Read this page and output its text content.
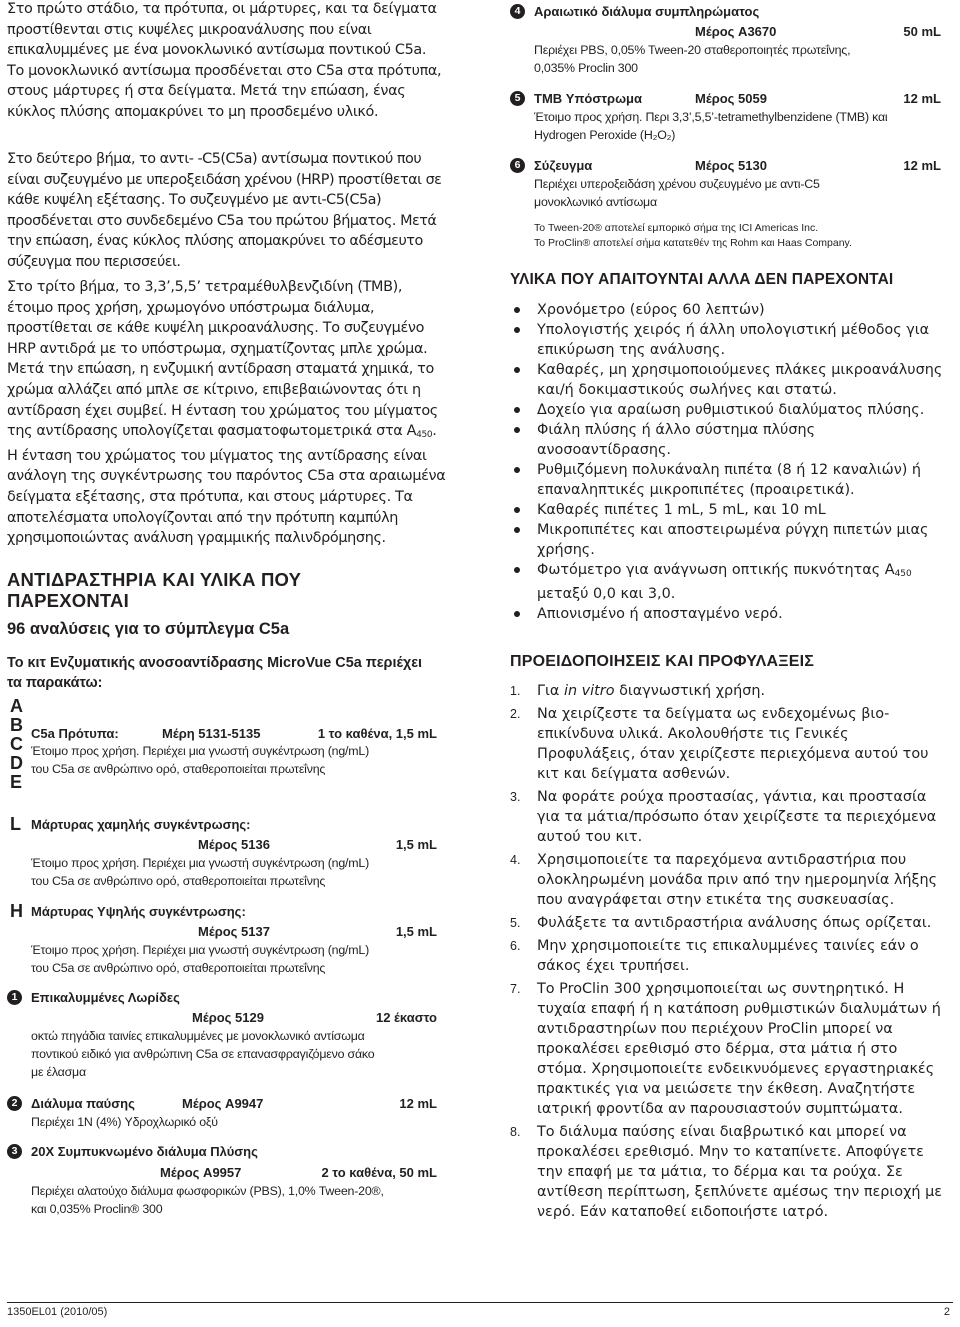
Στο πρώτο στάδιο, τα πρότυπα, οι μάρτυρες, και τα δείγματα προστίθενται στις κυψέλες μικροανάλυσης που είναι επικαλυμμένες με ένα μονοκλωνικό αντίσωμα ποντικού C5a. Το μονοκλωνικό αντίσωμα προσδένεται στο C5a στα πρότυπα, στους μάρτυρες ή στα δείγματα. Μετά την επώαση, ένας κύκλος πλύσης απομακρύνει το μη προσδεμένο υλικό.

Στο δεύτερο βήμα, το αντι- -C5(C5a) αντίσωμα ποντικού που είναι συζευγμένο με υπεροξειδάση χρένου (HRP) προστίθεται σε κάθε κυψέλη εξέτασης. Το συζευγμένο με αντι-C5(C5a) προσδένεται στο συνδεδεμένο C5a του πρώτου βήματος. Μετά την επώαση, ένας κύκλος πλύσης απομακρύνει το αδέσμευτο σύζευγμα που περισσεύει.

Στο τρίτο βήμα, το 3,3’,5,5’ τετραμέθυλβενζιδίνη (TMB), έτοιμο προς χρήση, χρωμογόνο υπόστρωμα διάλυμα, προστίθεται σε κάθε κυψέλη μικροανάλυσης. Το συζευγμένο HRP αντιδρά με το υπόστρωμα, σχηματίζοντας μπλε χρώμα. Μετά την επώαση, η ενζυμική αντίδραση σταματά χημικά, το χρώμα αλλάζει από μπλε σε κίτρινο, επιβεβαιώνοντας ότι η αντίδραση έχει συμβεί. Η ένταση του χρώματος του μίγματος της αντίδρασης υπολογίζεται φασματοφωτομετρικά στα $A_{450}$. Η ένταση του χρώματος του μίγματος της αντίδρασης είναι ανάλογη της συγκέντρωσης του παρόντος C5a στα αραιωμένα δείγματα εξέτασης, στα πρότυπα, και στους μάρτυρες. Τα αποτελέσματα υπολογίζονται από την πρότυπη καμπύλη χρησιμοποιώντας ανάλυση γραμμικής παλινδρόμησης.

ΑΝΤΙΔΡΑΣΤΗΡΙΑ ΚΑΙ ΥΛΙΚΑ ΠΟΥ
ΠΑΡΕΧΟΝΤΑΙ
96 αναλύσεις για το σύμπλεγμα C5a

Το κιτ Ενζυματικής ανοσοαντίδρασης MicroVue C5a περιέχει τα παρακάτω:

A
B
C
D
E
C5a Πρότυπα:	Μέρη 5131-5135	1 το καθένα, 1,5 mL
Έτοιμο προς χρήση. Περιέχει μια γνωστή συγκέντρωση (ng/mL)
του C5a σε ανθρώπινο ορό, σταθεροποιείται πρωτεΐνης
L Μάρτυρας χαμηλής συγκέντρωσης:
Μέρος 5136	1,5 mL
Έτοιμο προς χρήση. Περιέχει μια γνωστή συγκέντρωση (ng/mL)
του C5a σε ανθρώπινο ορό, σταθεροποιείται πρωτεΐνης
H Μάρτυρας Υψηλής συγκέντρωσης:
Μέρος 5137	1,5 mL
Έτοιμο προς χρήση. Περιέχει μια γνωστή συγκέντρωση (ng/mL)
του C5a σε ανθρώπινο ορό, σταθεροποιείται πρωτεΐνης
1	Επικαλυμμένες Λωρίδες
Μέρος 5129	12 έκαστο
οκτώ πηγάδια ταινίες επικαλυμμένες με μονοκλωνικό αντίσωμα
ποντικού ειδικό για ανθρώπινη C5a σε επανασφραγιζόμενο σάκο
με έλασμα
2	Διάλυμα παύσης	Μέρος A9947	12 mL
Περιέχει 1N (4%) Υδροχλωρικό οξύ
3	20X Συμπυκνωμένο διάλυμα Πλύσης
Μέρος A9957	2 το καθένα, 50 mL
Περιέχει αλατούχο διάλυμα φωσφορικών (PBS), 1,0% Tween-20®,
και 0,035% Proclin® 300
4	Αραιωτικό διάλυμα συμπληρώματος
Μέρος A3670	50 mL
Περιέχει PBS, 0,05% Tween-20 σταθεροποιητές πρωτεΐνης,
0,035% Proclin 300
5	TMB Υπόστρωμα	Μέρος 5059	12 mL
Έτοιμο προς χρήση. Περι 3,3’,5,5’-tetramethylbenzidene (TMB) και
Hydrogen Peroxide (H₂O₂)
6	Σύζευγμα	Μέρος 5130	12 mL
Περιέχει υπεροξειδάση χρένου συζευγμένο με αντι-C5
μονοκλωνικό αντίσωμα
Το Tween-20® αποτελεί εμπορικό σήμα της ICI Americas Inc.
Το ProClin® αποτελεί σήμα κατατεθέν της Rohm και Haas Company.
ΥΛΙΚΑ ΠΟΥ ΑΠΑΙΤΟΥΝΤΑΙ ΑΛΛΑ ΔΕΝ ΠΑΡΕΧΟΝΤΑΙ
Χρονόμετρο (εύρος 60 λεπτών)
Υπολογιστής χειρός ή άλλη υπολογιστική μέθοδος για επικύρωση της ανάλυσης.
Καθαρές, μη χρησιμοποιούμενες πλάκες μικροανάλυσης και/ή δοκιμαστικούς σωλήνες και στατώ.
Δοχείο για αραίωση ρυθμιστικού διαλύματος πλύσης.
Φιάλη πλύσης ή άλλο σύστημα πλύσης ανοσοαντίδρασης.
Ρυθμιζόμενη πολυκάναλη πιπέτα (8 ή 12 καναλιών) ή επαναληπτικές μικροπιπέτες (προαιρετικά).
Καθαρές πιπέτες 1 mL, 5 mL, και 10 mL
Μικροπιπέτες και αποστειρωμένα ρύγχη πιπετών μιας χρήσης.
Φωτόμετρο για ανάγνωση οπτικής πυκνότητας $A_{450}$ μεταξύ 0,0 και 3,0.
Απιονισμένο ή αποσταγμένο νερό.
ΠΡΟΕΙΔΟΠΟΙΗΣΕΙΣ ΚΑΙ ΠΡΟΦΥΛΑΞΕΙΣ
1. Για in vitro διαγνωστική χρήση.
2. Να χειρίζεστε τα δείγματα ως ενδεχομένως βιο-επικίνδυνα υλικά. Ακολουθήστε τις Γενικές Προφυλάξεις, όταν χειρίζεστε περιεχόμενα αυτού του κιτ και δείγματα ασθενών.
3. Να φοράτε ρούχα προστασίας, γάντια, και προστασία για τα μάτια/πρόσωπο όταν χειρίζεστε τα περιεχόμενα αυτού του κιτ.
4. Χρησιμοποιείτε τα παρεχόμενα αντιδραστήρια που ολοκληρωμένη μονάδα πριν από την ημερομηνία λήξης που αναγράφεται στην ετικέτα της συσκευασίας.
5. Φυλάξετε τα αντιδραστήρια ανάλυσης όπως ορίζεται.
6. Μην χρησιμοποιείτε τις επικαλυμμένες ταινίες εάν ο σάκος έχει τρυπήσει.
7. Το ProClin 300 χρησιμοποιείται ως συντηρητικό. Η τυχαία επαφή ή η κατάποση ρυθμιστικών διαλυμάτων ή αντιδραστηρίων που περιέχουν ProClin μπορεί να προκαλέσει ερεθισμό στο δέρμα, στα μάτια ή στο στόμα. Χρησιμοποιείτε ενδεικνυόμενες εργαστηριακές πρακτικές για να μειώσετε την έκθεση. Αναζητήστε ιατρική φροντίδα αν παρουσιαστούν συμπτώματα.
8. Το διάλυμα παύσης είναι διαβρωτικό και μπορεί να προκαλέσει ερεθισμό. Μην το καταπίνετε. Αποφύγετε την επαφή με τα μάτια, το δέρμα και τα ρούχα. Σε αντίθεση περίπτωση, ξεπλύνετε αμέσως την περιοχή με νερό. Εάν καταποθεί ειδοποιήστε ιατρό.
1350EL01 (2010/05)	2
